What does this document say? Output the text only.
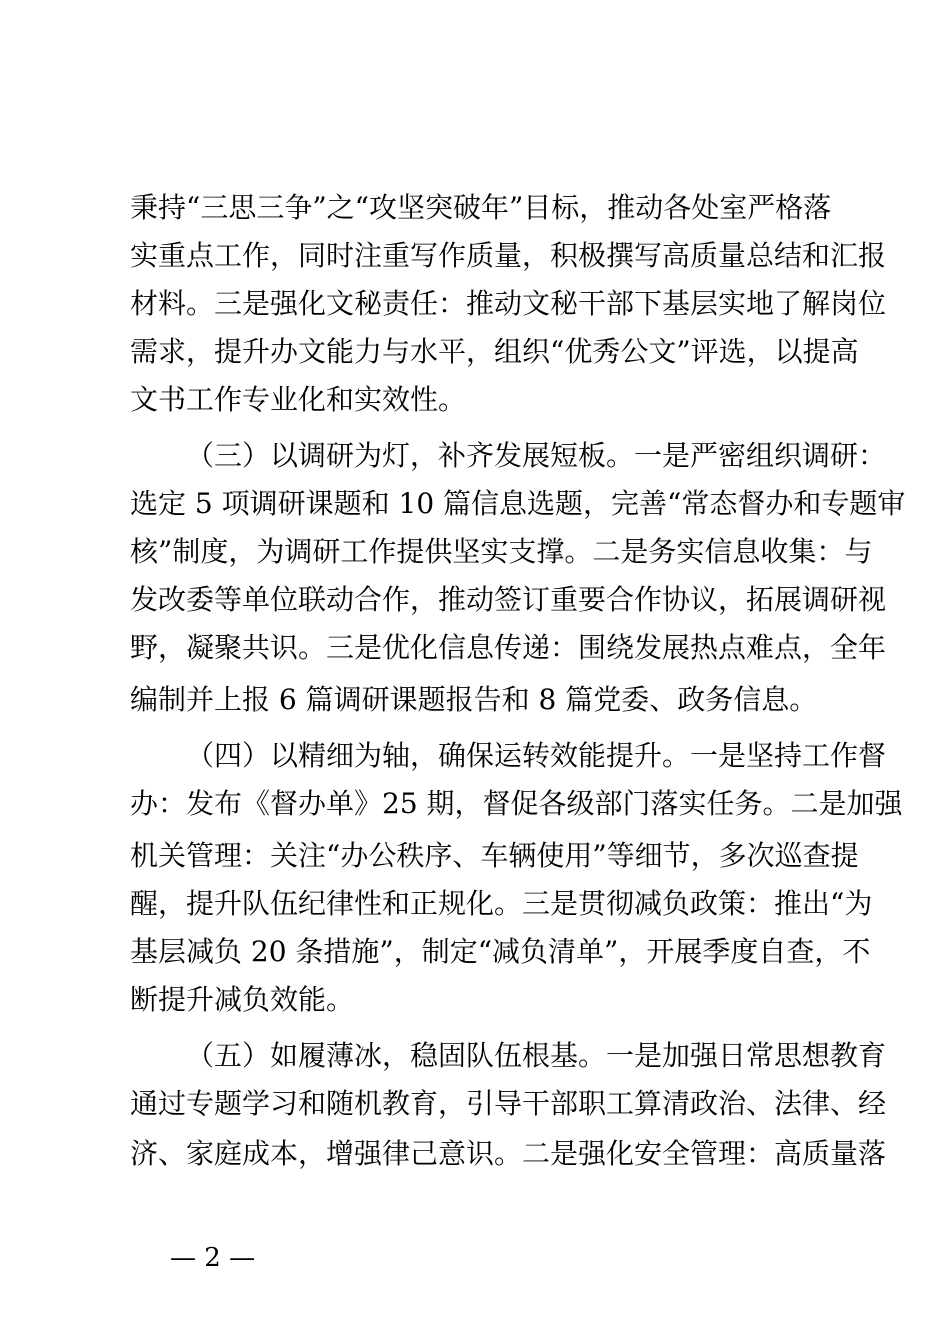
秉持“三思三争”之“攻坚突破年”目标，推动各处室严格落
实重点工作，同时注重写作质量，积极撰写高质量总结和汇报
材料。三是强化文秘责任：推动文秘干部下基层实地了解岗位
需求，提升办文能力与水平，组织“优秀公文”评选，以提高
文书工作专业化和实效性。
（三）以调研为灯，补齐发展短板。一是严密组织调研：
选定 5 项调研课题和 10 篇信息选题，完善“常态督办和专题审
核”制度，为调研工作提供坚实支撑。二是务实信息收集：与
发改委等单位联动合作，推动签订重要合作协议，拓展调研视
野，凝聚共识。三是优化信息传递：围绕发展热点难点，全年
编制并上报 6 篇调研课题报告和 8 篇党委、政务信息。
（四）以精细为轴，确保运转效能提升。一是坚持工作督
办：发布《督办单》25 期，督促各级部门落实任务。二是加强
机关管理：关注“办公秩序、车辆使用”等细节，多次巡查提
醒，提升队伍纪律性和正规化。三是贯彻减负政策：推出“为
基层减负 20 条措施”，制定“减负清单”，开展季度自查，不
断提升减负效能。
（五）如履薄冰，稳固队伍根基。一是加强日常思想教育
通过专题学习和随机教育，引导干部职工算清政治、法律、经
济、家庭成本，增强律己意识。二是强化安全管理：高质量落
— 2 —
